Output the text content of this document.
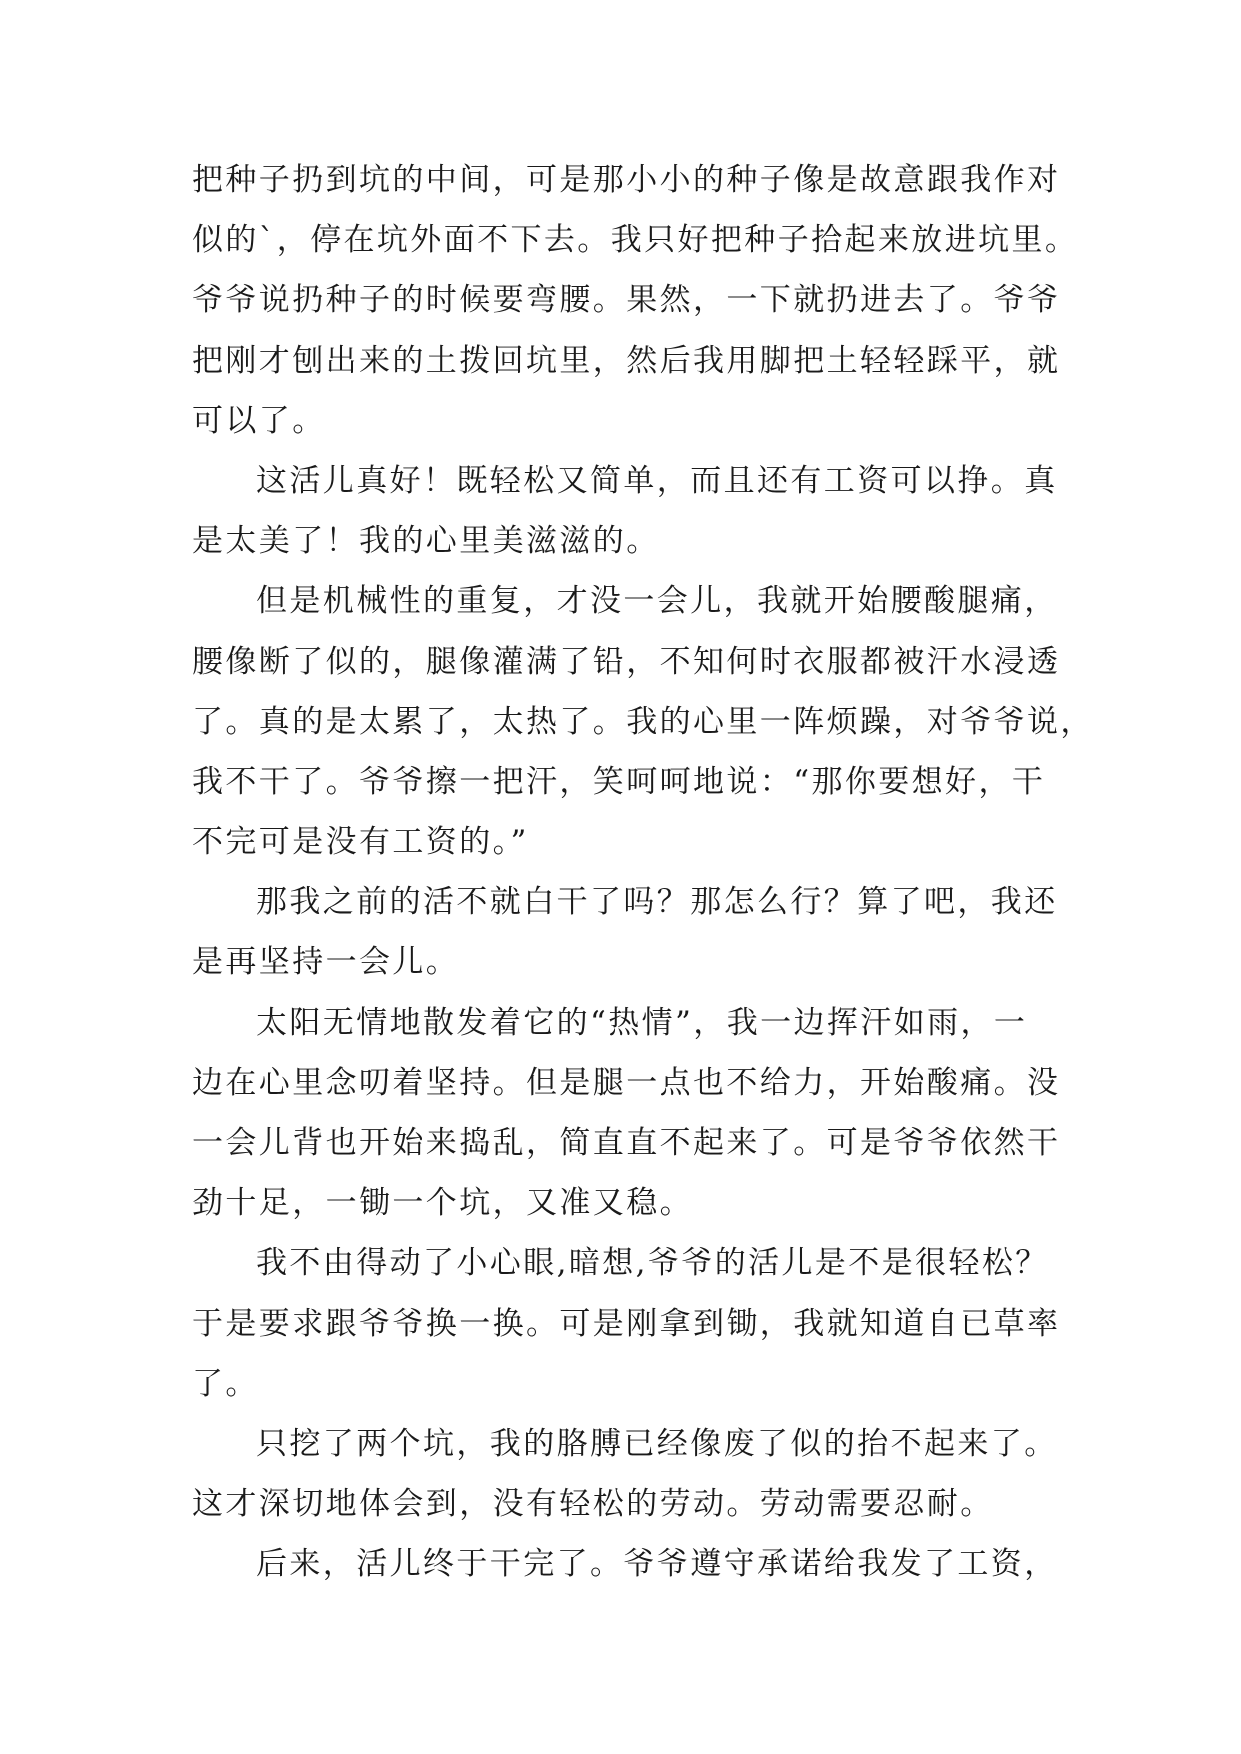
把种子扔到坑的中间，可是那小小的种子像是故意跟我作对
似的`，停在坑外面不下去。我只好把种子拾起来放进坑里。
爷爷说扔种子的时候要弯腰。果然，一下就扔进去了。爷爷
把刚才刨出来的土拨回坑里，然后我用脚把土轻轻踩平，就
可以了。
这活儿真好！既轻松又简单，而且还有工资可以挣。真
是太美了！我的心里美滋滋的。
但是机械性的重复，才没一会儿，我就开始腰酸腿痛，
腰像断了似的，腿像灌满了铅，不知何时衣服都被汗水浸透
了。真的是太累了，太热了。我的心里一阵烦躁，对爷爷说，
我不干了。爷爷擦一把汗，笑呵呵地说：“那你要想好，干
不完可是没有工资的。”
那我之前的活不就白干了吗？那怎么行？算了吧，我还
是再坚持一会儿。
太阳无情地散发着它的“热情”，我一边挥汗如雨，一
边在心里念叨着坚持。但是腿一点也不给力，开始酸痛。没
一会儿背也开始来捣乱，简直直不起来了。可是爷爷依然干
劲十足，一锄一个坑，又准又稳。
我不由得动了小心眼,暗想,爷爷的活儿是不是很轻松？
于是要求跟爷爷换一换。可是刚拿到锄，我就知道自已草率
了。
只挖了两个坑，我的胳膊已经像废了似的抬不起来了。
这才深切地体会到，没有轻松的劳动。劳动需要忍耐。
后来，活儿终于干完了。爷爷遵守承诺给我发了工资，
